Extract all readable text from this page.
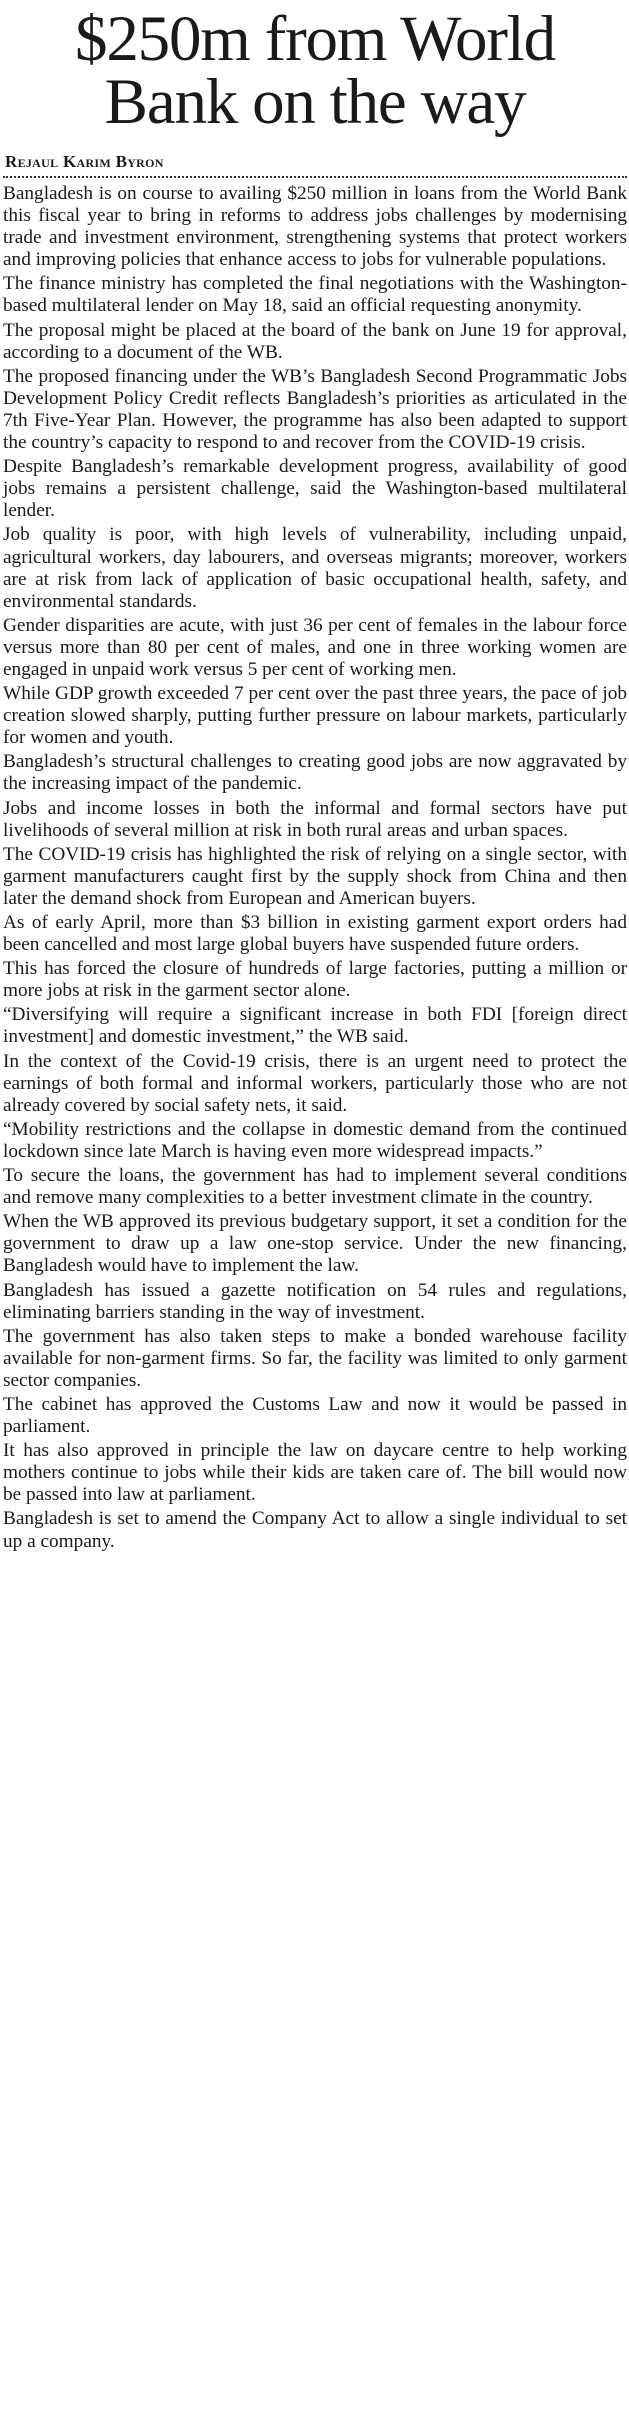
$250m from World
Bank on the way
Rejaul Karim Byron

Bangladesh is on course to availing $250 million in loans from the World Bank this fiscal year to bring in reforms to address jobs challenges by modernising trade and investment environment, strengthening systems that protect workers and improving policies that enhance access to jobs for vulnerable populations.

The finance ministry has completed the final negotiations with the Washington-based multilateral lender on May 18, said an official requesting anonymity.

The proposal might be placed at the board of the bank on June 19 for approval, according to a document of the WB.

The proposed financing under the WB’s Bangladesh Second Programmatic Jobs Development Policy Credit reflects Bangladesh’s priorities as articulated in the 7th Five-Year Plan. However, the programme has also been adapted to support the country’s capacity to respond to and recover from the COVID-19 crisis.

Despite Bangladesh’s remarkable development progress, availability of good jobs remains a persistent challenge, said the Washington-based multilateral lender.

Job quality is poor, with high levels of vulnerability, including unpaid, agricultural workers, day labourers, and overseas migrants; moreover, workers are at risk from lack of application of basic occupational health, safety, and environmental standards.

Gender disparities are acute, with just 36 per cent of females in the labour force versus more than 80 per cent of males, and one in three working women are engaged in unpaid work versus 5 per cent of working men.

While GDP growth exceeded 7 per cent over the past three years, the pace of job creation slowed sharply, putting further pressure on labour markets, particularly for women and youth.

Bangladesh’s structural challenges to creating good jobs are now aggravated by the increasing impact of the pandemic.

Jobs and income losses in both the informal and formal sectors have put livelihoods of several million at risk in both rural areas and urban spaces.

The COVID-19 crisis has highlighted the risk of relying on a single sector, with garment manufacturers caught first by the supply shock from China and then later the demand shock from European and American buyers.

As of early April, more than $3 billion in existing garment export orders had been cancelled and most large global buyers have suspended future orders.

This has forced the closure of hundreds of large factories, putting a million or more jobs at risk in the garment sector alone.

“Diversifying will require a significant increase in both FDI [foreign direct investment] and domestic investment,” the WB said.

In the context of the Covid-19 crisis, there is an urgent need to protect the earnings of both formal and informal workers, particularly those who are not already covered by social safety nets, it said.

“Mobility restrictions and the collapse in domestic demand from the continued lockdown since late March is having even more widespread impacts.”

To secure the loans, the government has had to implement several conditions and remove many complexities to a better investment climate in the country.

When the WB approved its previous budgetary support, it set a condition for the government to draw up a law one-stop service. Under the new financing, Bangladesh would have to implement the law.

Bangladesh has issued a gazette notification on 54 rules and regulations, eliminating barriers standing in the way of investment.

The government has also taken steps to make a bonded warehouse facility available for non-garment firms. So far, the facility was limited to only garment sector companies.

The cabinet has approved the Customs Law and now it would be passed in parliament.

It has also approved in principle the law on daycare centre to help working mothers continue to jobs while their kids are taken care of. The bill would now be passed into law at parliament.

Bangladesh is set to amend the Company Act to allow a single individual to set up a company.
